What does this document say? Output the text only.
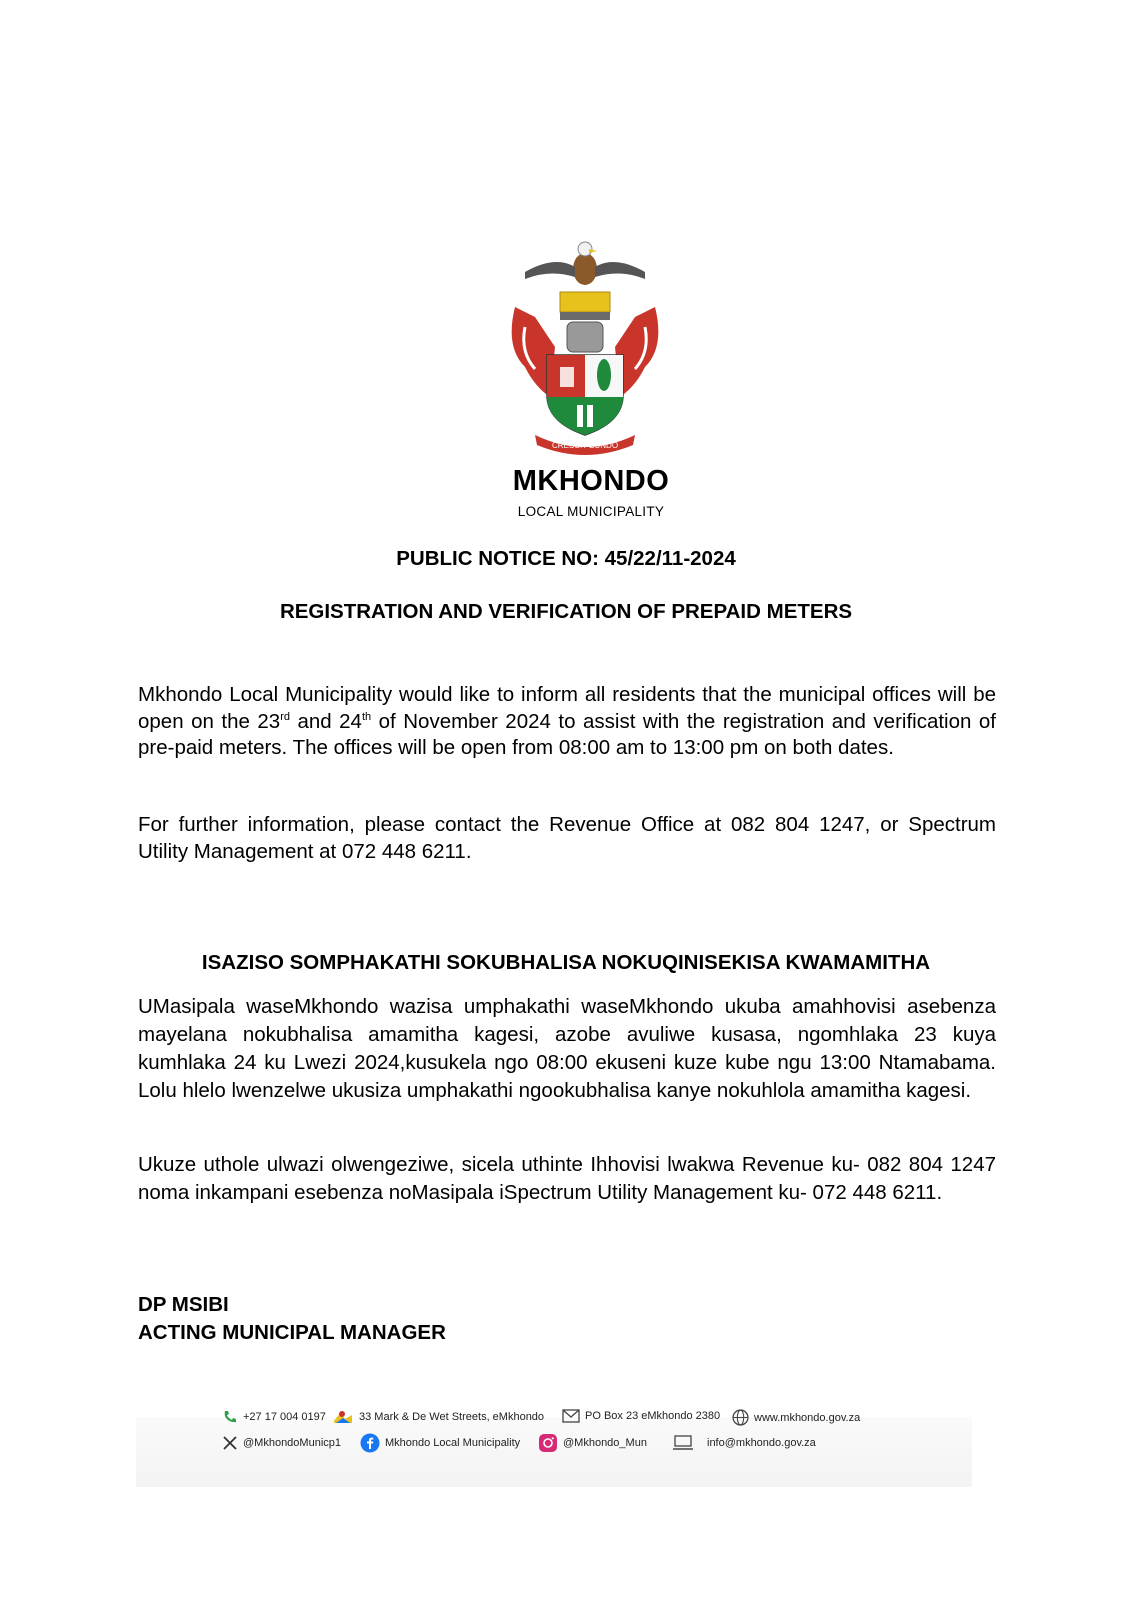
CRESCIT EUNDO
MKHONDO
LOCAL MUNICIPALITY
PUBLIC NOTICE NO: 45/22/11-2024
REGISTRATION AND VERIFICATION OF PREPAID METERS

Mkhondo Local Municipality would like to inform all residents that the municipal offices will be open on the 23rd and 24th of November 2024 to assist with the registration and verification of pre-paid meters. The offices will be open from 08:00 am to 13:00 pm on both dates.

For further information, please contact the Revenue Office at 082 804 1247, or Spectrum Utility Management at 072 448 6211.

ISAZISO SOMPHAKATHI SOKUBHALISA NOKUQINISEKISA KWAMAMITHA

UMasipala waseMkhondo wazisa umphakathi waseMkhondo ukuba amahhovisi asebenza mayelana nokubhalisa amamitha kagesi, azobe avuliwe kusasa, ngomhlaka 23 kuya kumhlaka 24 ku Lwezi 2024,kusukela ngo 08:00 ekuseni kuze kube ngu 13:00 Ntamabama. Lolu hlelo lwenzelwe ukusiza umphakathi ngookubhalisa kanye nokuhlola amamitha kagesi.

Ukuze uthole ulwazi olwengeziwe, sicela uthinte Ihhovisi lwakwa Revenue ku- 082 804 1247 noma inkampani esebenza noMasipala iSpectrum Utility Management ku- 072 448 6211.

DP MSIBI
ACTING MUNICIPAL MANAGER
+27 17 004 0197	33 Mark & De Wet Streets, eMkhondo	PO Box 23 eMkhondo 2380	www.mkhondo.gov.za
@MkhondoMunicp1	Mkhondo Local Municipality	@Mkhondo_Mun	info@mkhondo.gov.za
